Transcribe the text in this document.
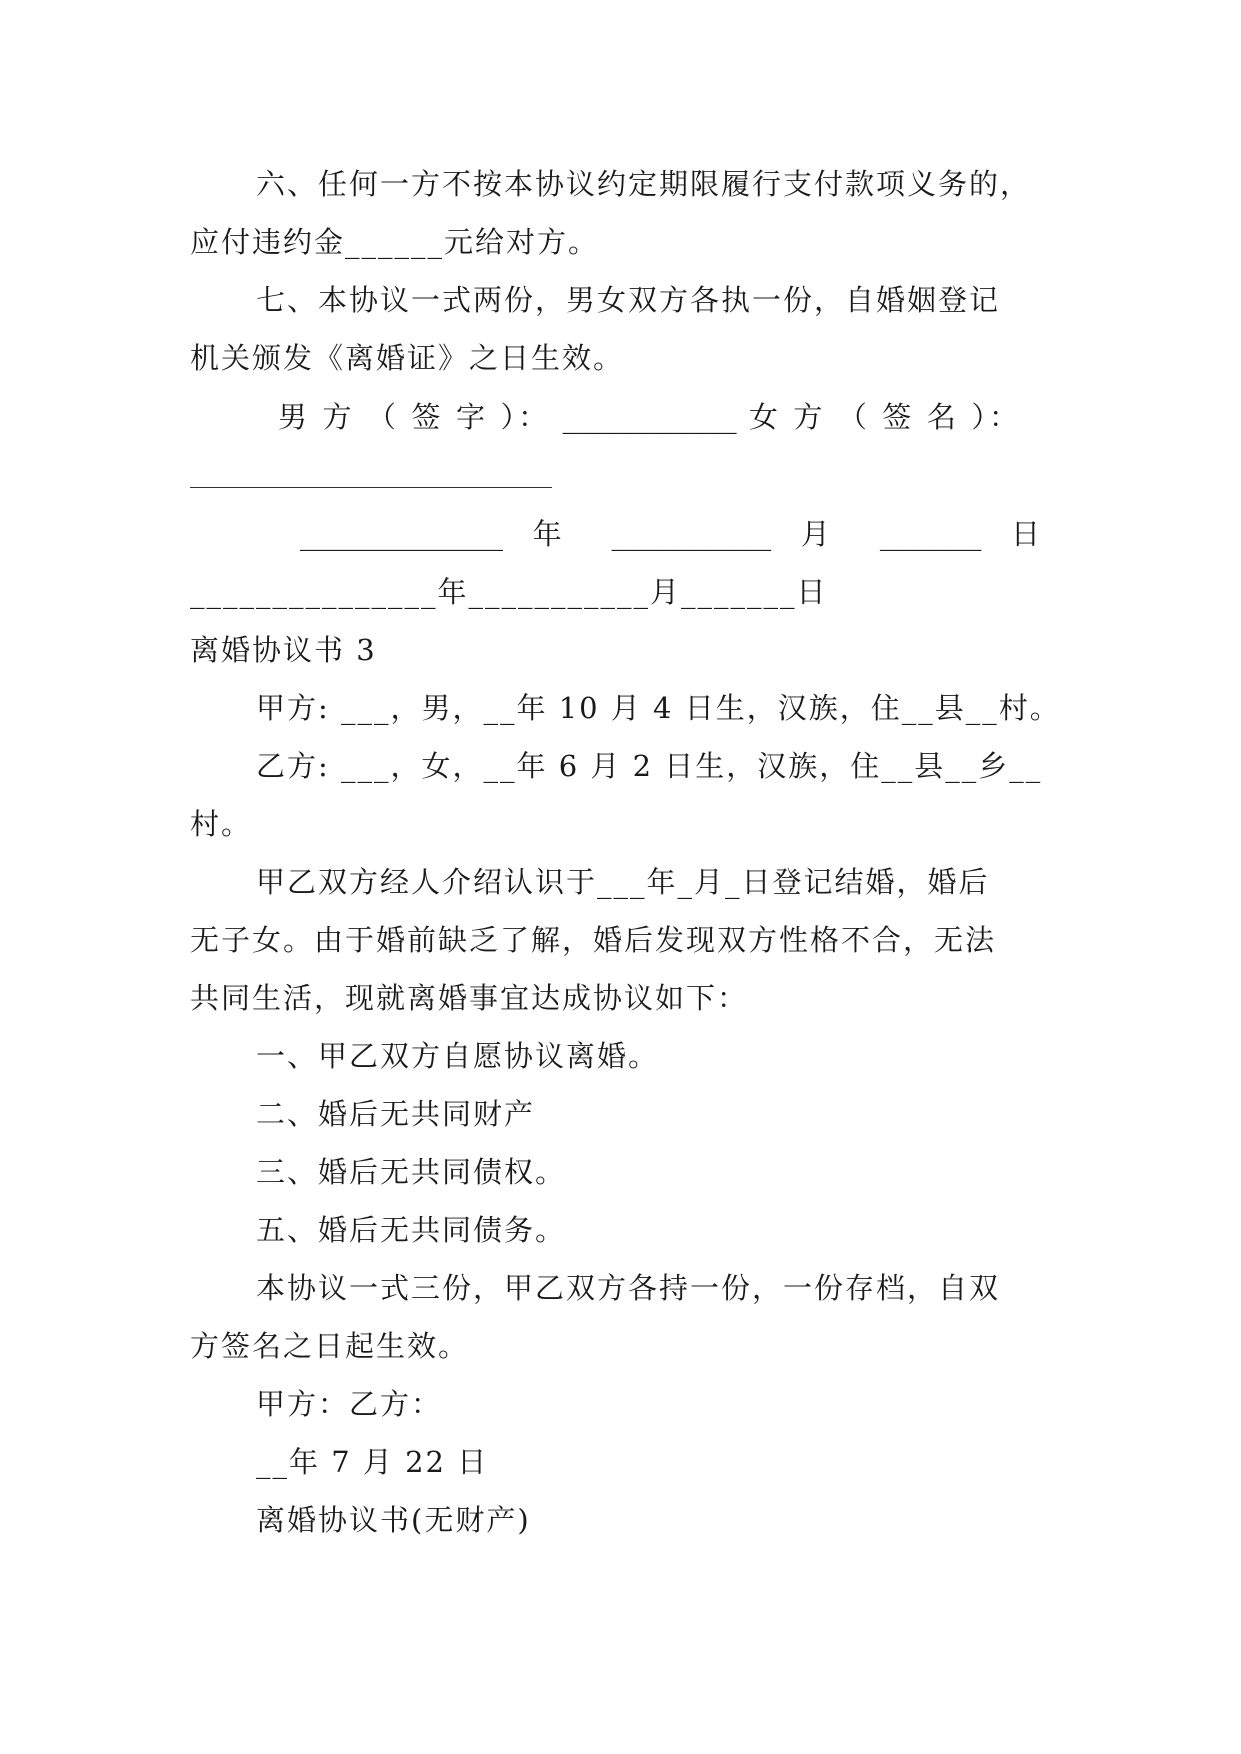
六、任何一方不按本协议约定期限履行支付款项义务的，
应付违约金______元给对方。
七、本协议一式两份，男女双方各执一份，自婚姻登记
机关颁发《离婚证》之日生效。
男 方 （ 签 字 ）： ____________ 女 方 （ 签 名 ）：
______________ 年 ___________ 月 _______ 日
_______________年___________月_______日
离婚协议书 3
甲方: ___，男，__年 10 月 4 日生，汉族，住__县__村。
乙方: ___，女，__年 6 月 2 日生，汉族，住__县__乡__
村。
甲乙双方经人介绍认识于___年_月_日登记结婚，婚后
无子女。由于婚前缺乏了解，婚后发现双方性格不合，无法
共同生活，现就离婚事宜达成协议如下：
一、甲乙双方自愿协议离婚。
二、婚后无共同财产
三、婚后无共同债权。
五、婚后无共同债务。
本协议一式三份，甲乙双方各持一份，一份存档，自双
方签名之日起生效。
甲方：乙方：
__年 7 月 22 日
离婚协议书(无财产)
